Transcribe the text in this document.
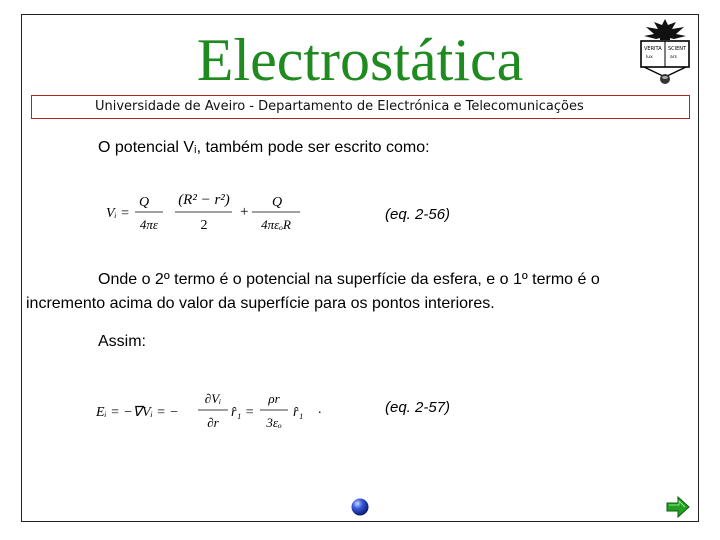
Electrostática	VERITA SCIENT
lux	ars
Universidade de Aveiro - Departamento de Electrónica e Telecomunicações
O potencial Vᵢ, também pode ser escrito como:
Vᵢ =
Q
4πε
(R² − r²)
2
+
Q
4πεₒR
(eq. 2-56)
Onde o 2º termo é o potencial na superfície da esfera, e o 1º termo é o
incremento acima do valor da superfície para os pontos interiores.
Assim:
Eᵢ = −∇Vᵢ = −
∂Vᵢ
∂r
r̂₁ =
ρr
3εₒ
r̂₁ .	(eq. 2-57)
